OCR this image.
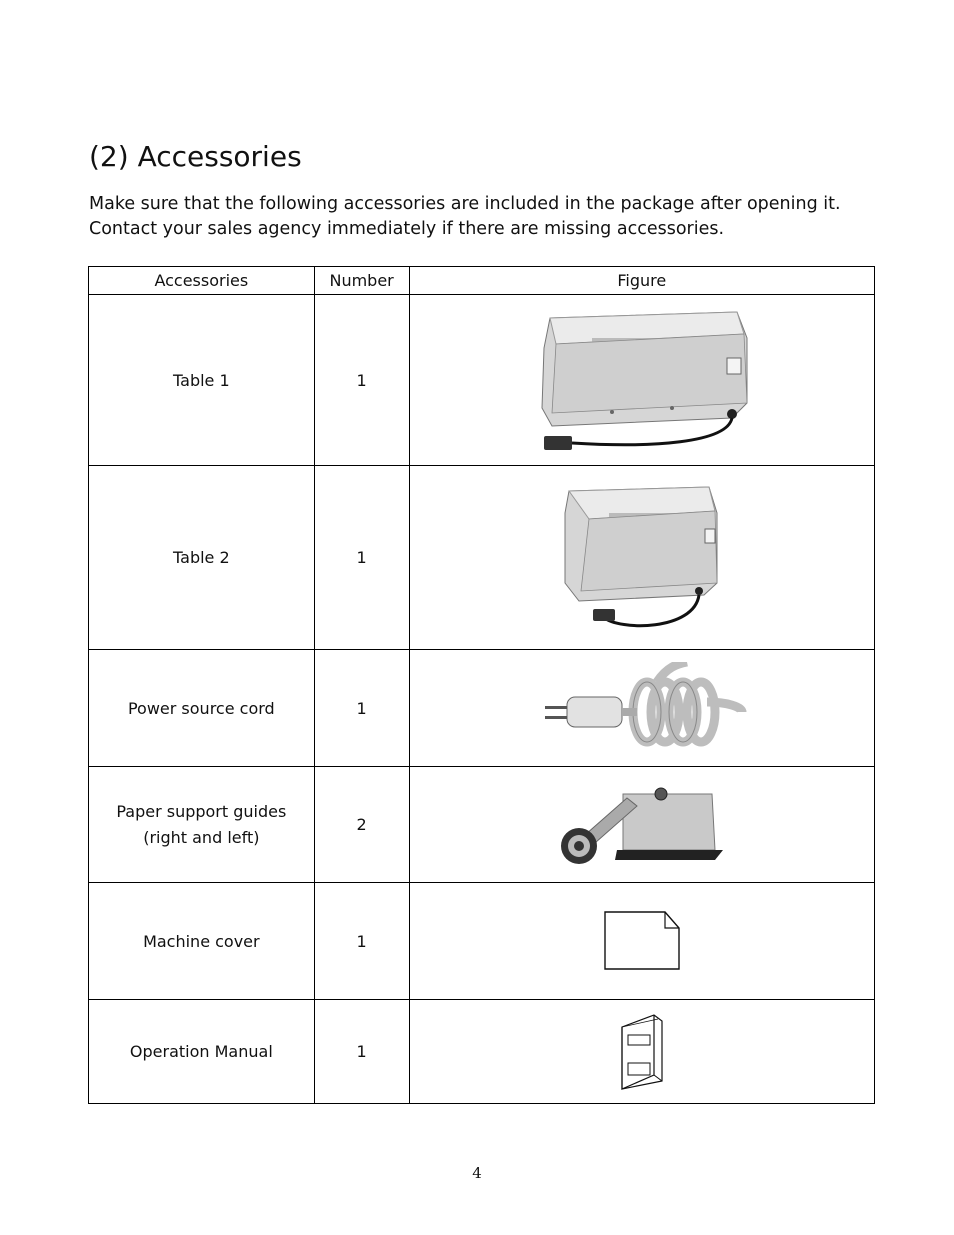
(2) Accessories

Make sure that the following accessories are included in the package after opening it. Contact your sales agency immediately if there are missing accessories.

Accessories	Number	Figure
Table 1	1	

Table 2	1	

Power source cord	1	

Paper support guides
(right and left)	2	

Machine cover	1	

Operation Manual	1	
4
